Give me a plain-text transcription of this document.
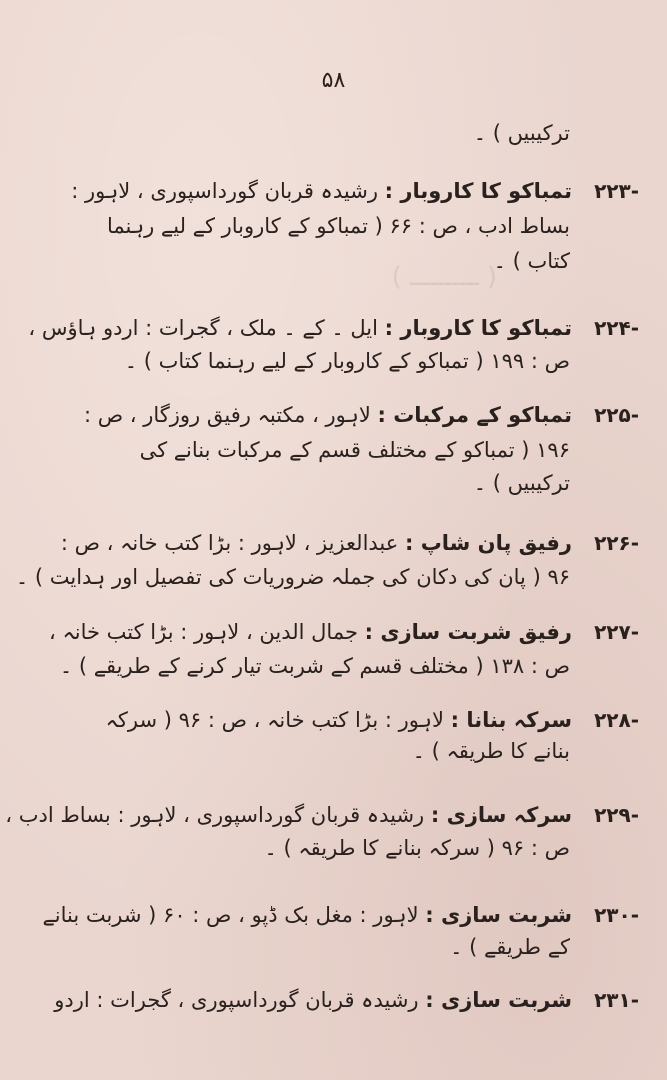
( ـــــــــ )
۵۸
ترکیبیں ) ۔
۲۲۳-
تمباکو کا کاروبار : رشیدہ قربان گورداسپوری ، لاہور :
بساط ادب ، ص : ۶۶ ( تمباکو کے کاروبار کے لیے رہنما
کتاب ) ۔
۲۲۴-
تمباکو کا کاروبار : ایل ۔ کے ۔ ملک ، گجرات : اردو ہاؤس ،
ص : ۱۹۹ ( تمباکو کے کاروبار کے لیے رہنما کتاب ) ۔
۲۲۵-
تمباکو کے مرکبات : لاہور ، مکتبہ رفیق روزگار ، ص :
۱۹۶ ( تمباکو کے مختلف قسم کے مرکبات بنانے کی
ترکیبیں ) ۔
۲۲۶-
رفیق پان شاپ : عبدالعزیز ، لاہور : بڑا کتب خانہ ، ص :
۹۶ ( پان کی دکان کی جملہ ضروریات کی تفصیل اور ہدایت ) ۔
۲۲۷-
رفیق شربت سازی : جمال الدین ، لاہور : بڑا کتب خانہ ،
ص : ۱۳۸ ( مختلف قسم کے شربت تیار کرنے کے طریقے ) ۔
۲۲۸-
سرکہ بنانا : لاہور : بڑا کتب خانہ ، ص : ۹۶ ( سرکہ
بنانے کا طریقہ ) ۔
۲۲۹-
سرکہ سازی : رشیدہ قربان گورداسپوری ، لاہور : بساط ادب ،
ص : ۹۶ ( سرکہ بنانے کا طریقہ ) ۔
۲۳۰-
شربت سازی : لاہور : مغل بک ڈپو ، ص : ۶۰ ( شربت بنانے
کے طریقے ) ۔
۲۳۱-
شربت سازی : رشیدہ قربان گورداسپوری ، گجرات : اردو
